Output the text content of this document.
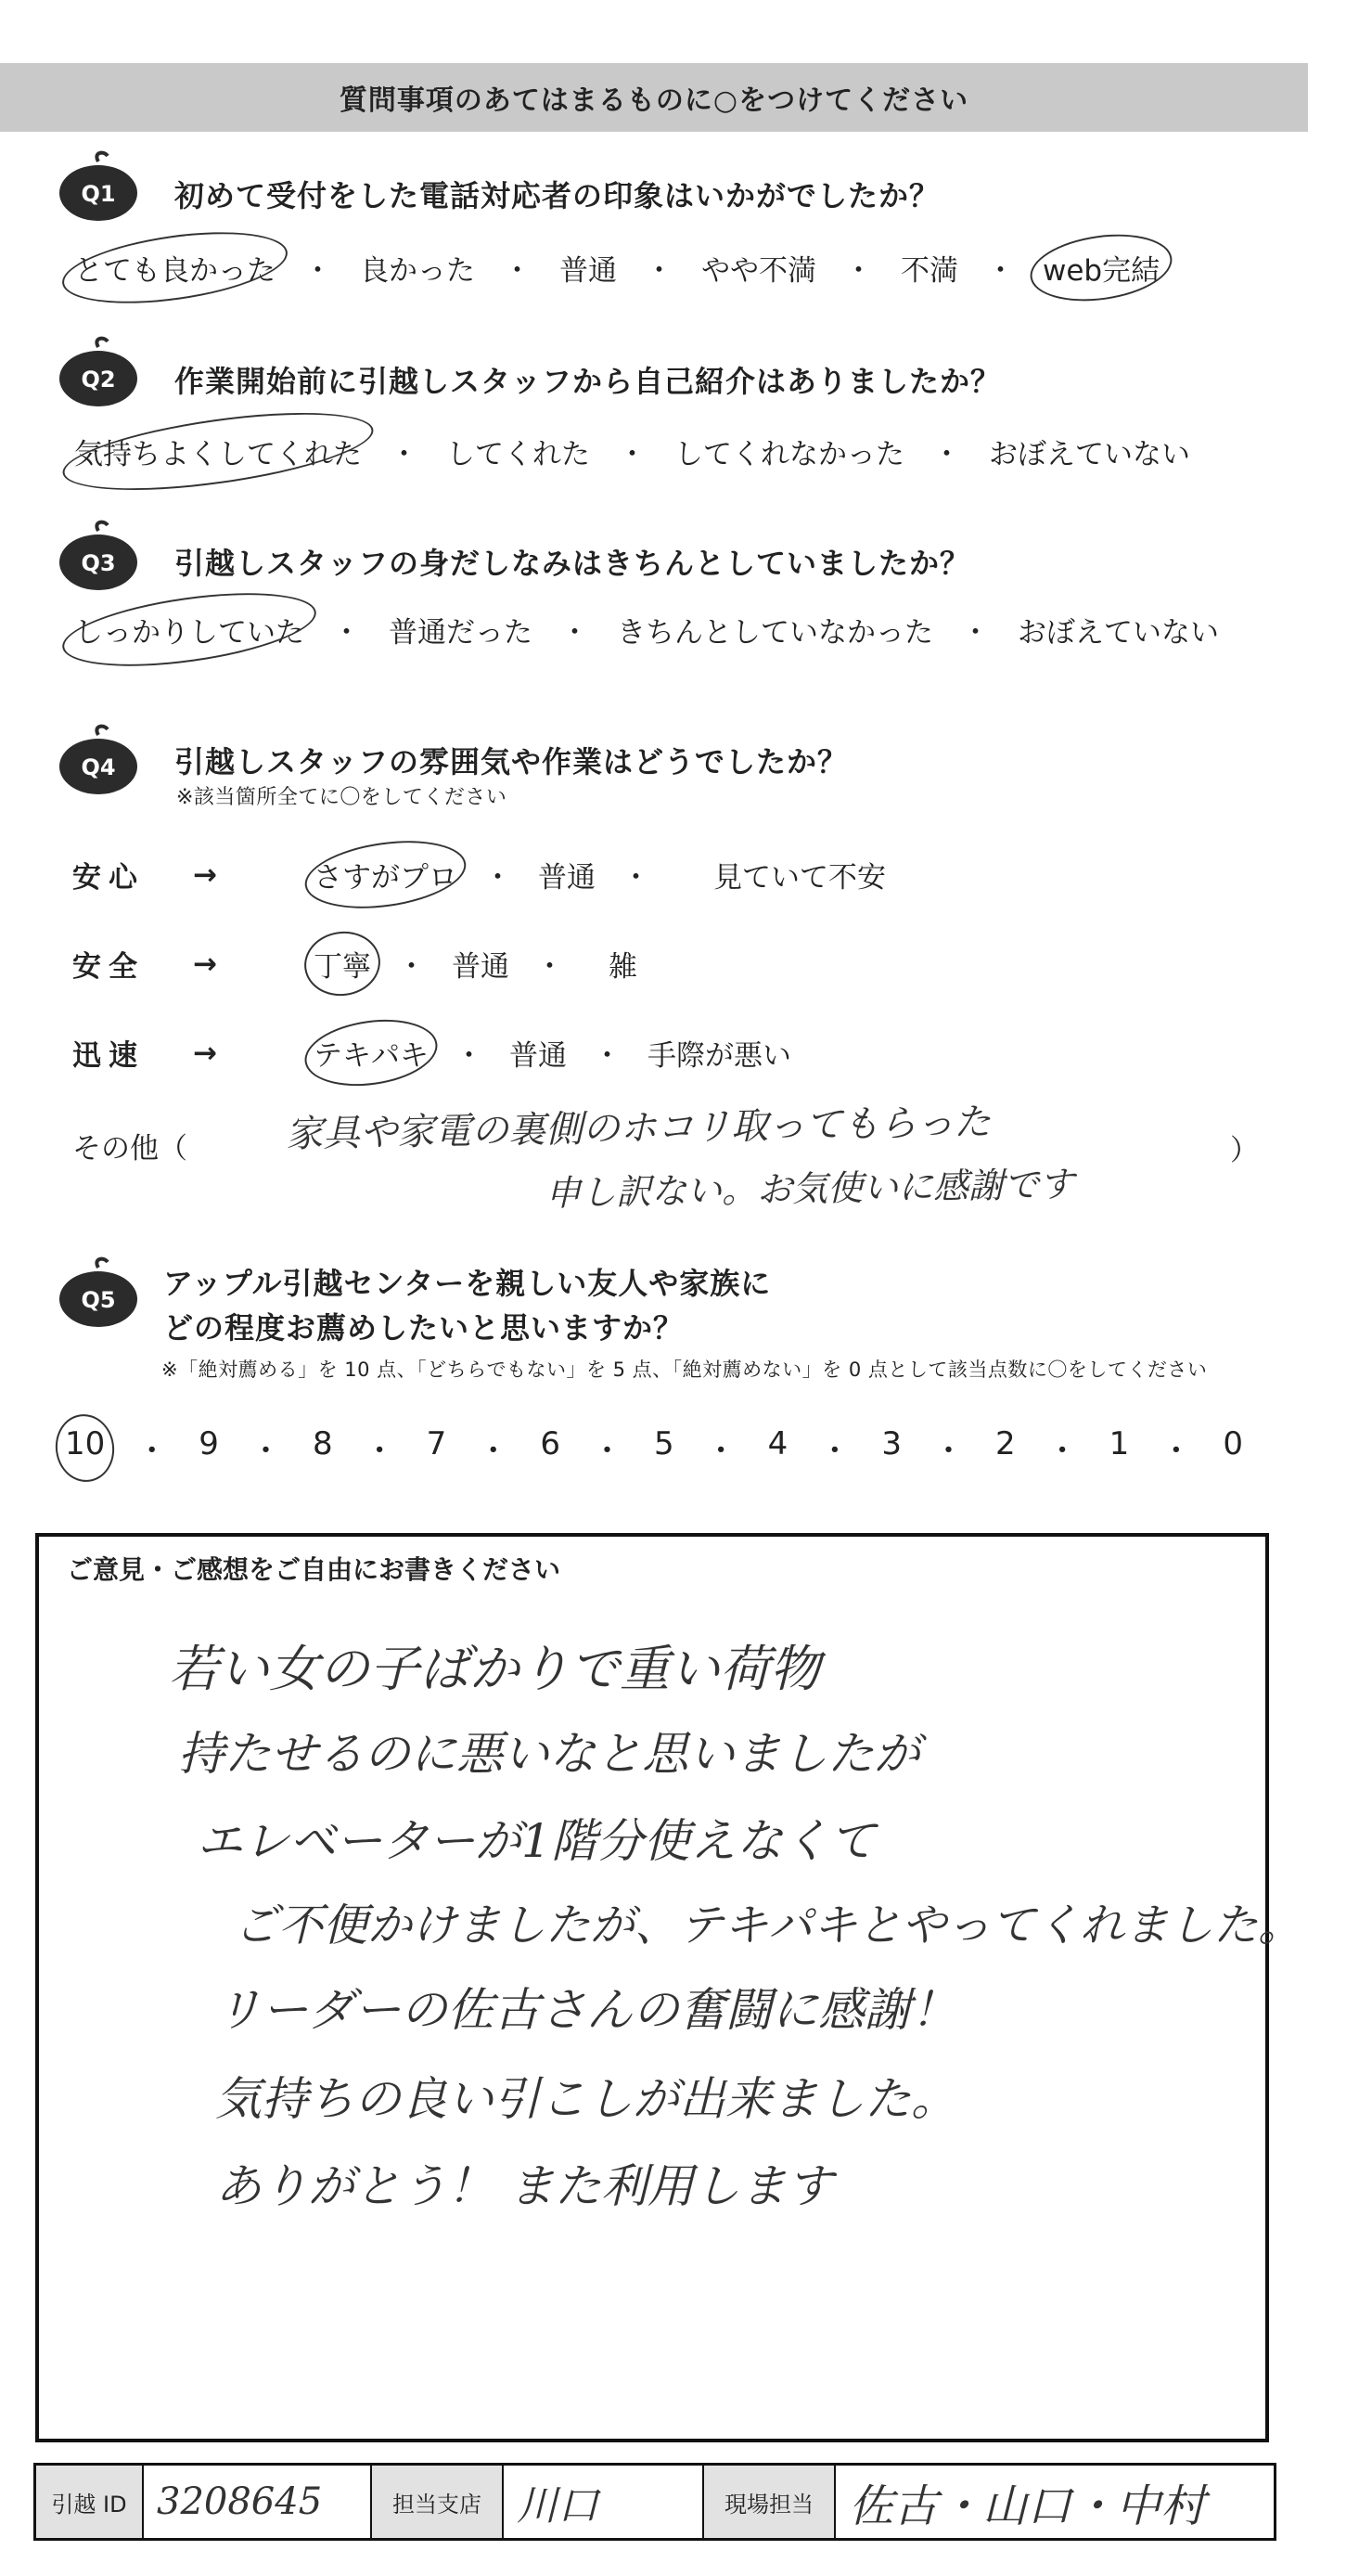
質問事項のあてはまるものに○をつけてください
Q1 初めて受付をした電話対応者の印象はいかがでしたか？
とても良かった ・ 良かった ・ 普通 ・ やや不満 ・ 不満 ・ web完結
Q2 作業開始前に引越しスタッフから自己紹介はありましたか？
気持ちよくしてくれた ・ してくれた ・ してくれなかった ・ おぼえていない
Q3 引越しスタッフの身だしなみはきちんとしていましたか？
しっかりしていた ・ 普通だった ・ きちんとしていなかった ・ おぼえていない
Q4 引越しスタッフの雰囲気や作業はどうでしたか？
※該当箇所全てに〇をしてください
安心	→	さすがプロ ・ 普通 ・	見ていて不安
安全	→	丁寧 ・ 普通 ・	雑
迅速	→	テキパキ ・ 普通 ・ 手際が悪い
その他（	）
家具や家電の裏側のホコリ取ってもらった
申し訳ない。お気使いに感謝です
Q5 アップル引越センターを親しい友人や家族に
どの程度お薦めしたいと思いますか？
※「絶対薦める」を 10 点、「どちらでもない」を 5 点、「絶対薦めない」を 0 点として該当点数に〇をしてください
10 ・ 9 ・ 8 ・ 7 ・ 6 ・ 5 ・ 4 ・ 3 ・ 2 ・ 1 ・ 0
ご意見・ご感想をご自由にお書きください
若い女の子ばかりで重い荷物
持たせるのに悪いなと思いましたが
エレベーターが1階分使えなくて
ご不便かけましたが、テキパキとやってくれました。
リーダーの佐古さんの奮闘に感謝！
気持ちの良い引こしが出来ました。
ありがとう！ また利用します
引越 ID 3208645	担当支店 川口	現場担当 佐古・山口・中村
